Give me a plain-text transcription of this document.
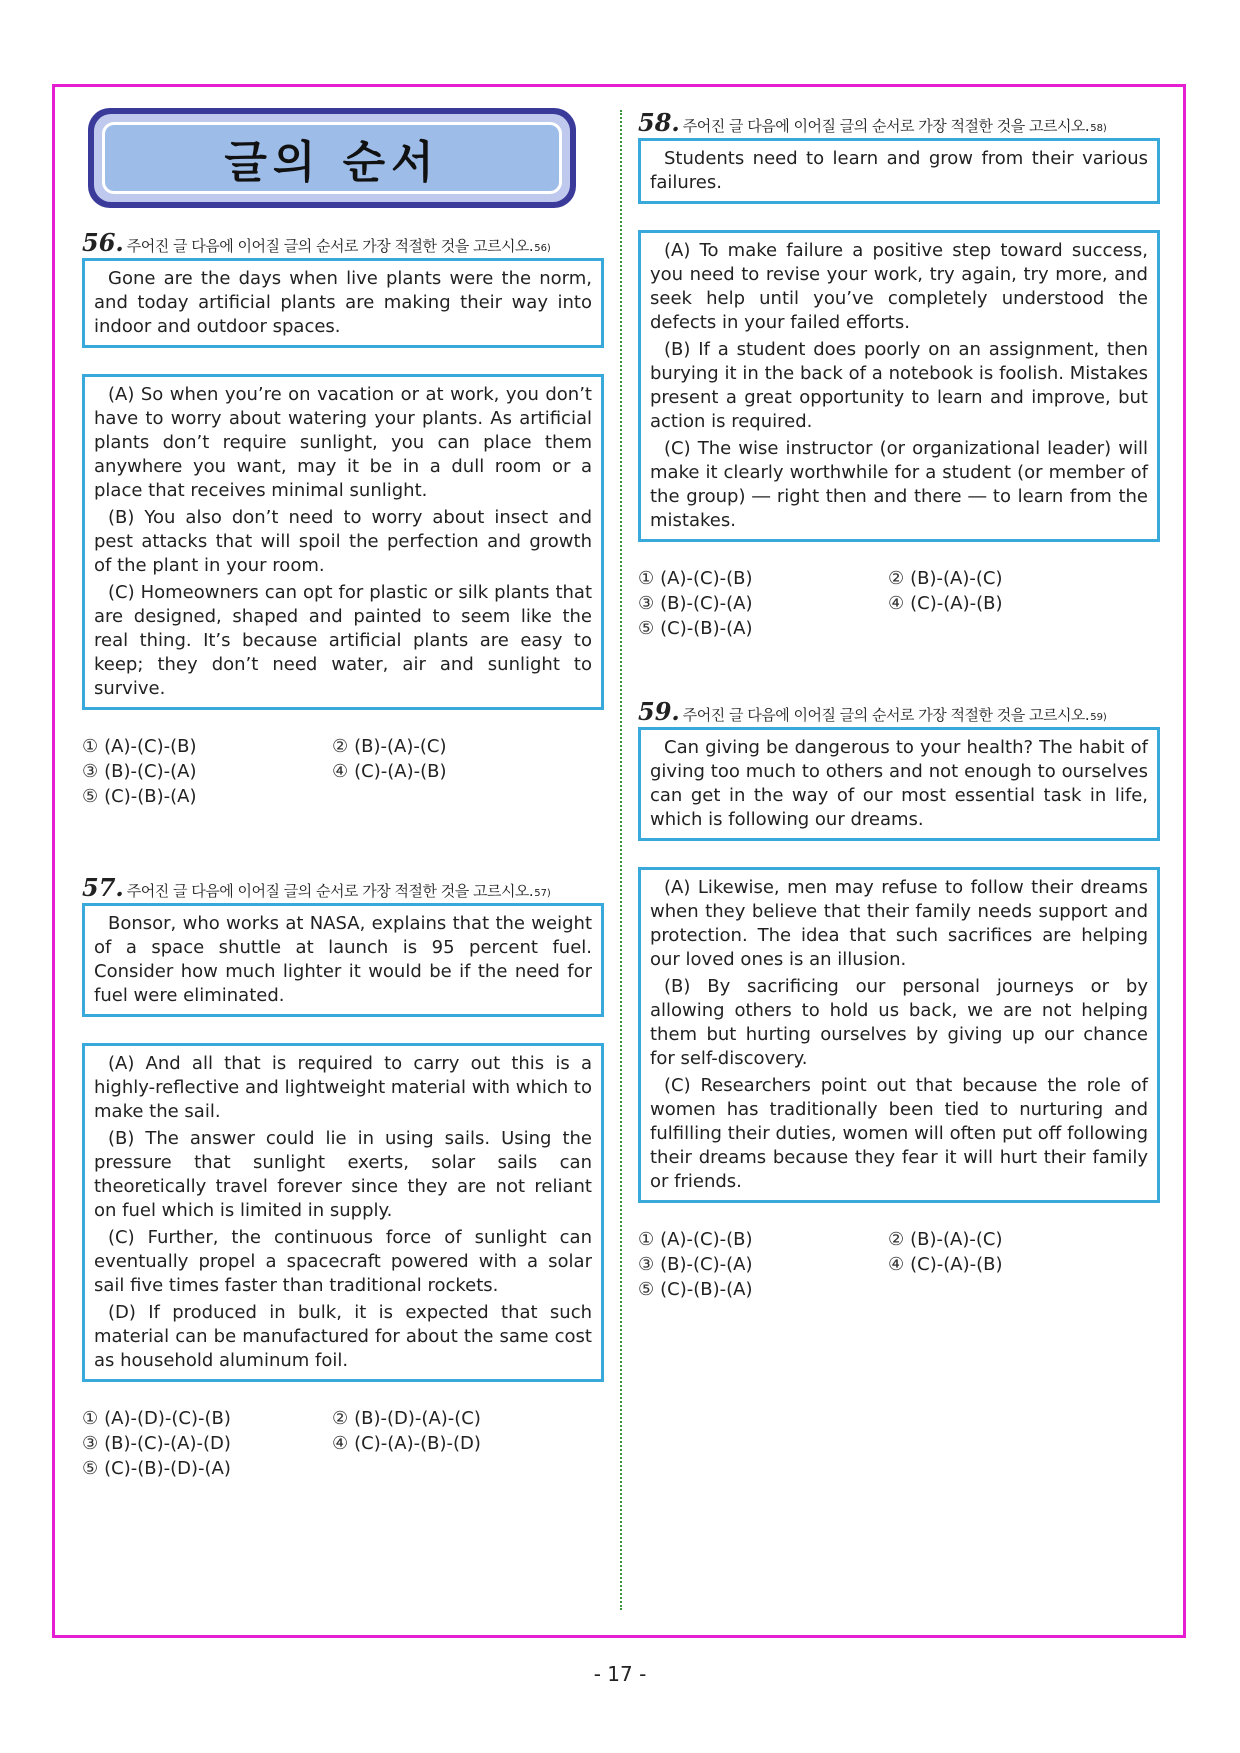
글의 순서
56. 주어진 글 다음에 이어질 글의 순서로 가장 적절한 것을 고르시오. 56)

Gone are the days when live plants were the norm, and today artificial plants are making their way into indoor and outdoor spaces.

(A) So when you’re on vacation or at work, you don’t have to worry about watering your plants. As artificial plants don’t require sunlight, you can place them anywhere you want, may it be in a dull room or a place that receives minimal sunlight.

(B) You also don’t need to worry about insect and pest attacks that will spoil the perfection and growth of the plant in your room.

(C) Homeowners can opt for plastic or silk plants that are designed, shaped and painted to seem like the real thing. It’s because artificial plants are easy to keep; they don’t need water, air and sunlight to survive.

① (A)-(C)-(B)	② (B)-(A)-(C)
③ (B)-(C)-(A)	④ (C)-(A)-(B)
⑤ (C)-(B)-(A)
57. 주어진 글 다음에 이어질 글의 순서로 가장 적절한 것을 고르시오. 57)

Bonsor, who works at NASA, explains that the weight of a space shuttle at launch is 95 percent fuel. Consider how much lighter it would be if the need for fuel were eliminated.

(A) And all that is required to carry out this is a highly-reflective and lightweight material with which to make the sail.

(B) The answer could lie in using sails. Using the pressure that sunlight exerts, solar sails can theoretically travel forever since they are not reliant on fuel which is limited in supply.

(C) Further, the continuous force of sunlight can eventually propel a spacecraft powered with a solar sail five times faster than traditional rockets.

(D) If produced in bulk, it is expected that such material can be manufactured for about the same cost as household aluminum foil.

① (A)-(D)-(C)-(B)	② (B)-(D)-(A)-(C)
③ (B)-(C)-(A)-(D)	④ (C)-(A)-(B)-(D)
⑤ (C)-(B)-(D)-(A)
58. 주어진 글 다음에 이어질 글의 순서로 가장 적절한 것을 고르시오. 58)

Students need to learn and grow from their various failures.

(A) To make failure a positive step toward success, you need to revise your work, try again, try more, and seek help until you’ve completely understood the defects in your failed efforts.

(B) If a student does poorly on an assignment, then burying it in the back of a notebook is foolish. Mistakes present a great opportunity to learn and improve, but action is required.

(C) The wise instructor (or organizational leader) will make it clearly worthwhile for a student (or member of the group) ― right then and there ― to learn from the mistakes.

① (A)-(C)-(B)	② (B)-(A)-(C)
③ (B)-(C)-(A)	④ (C)-(A)-(B)
⑤ (C)-(B)-(A)
59. 주어진 글 다음에 이어질 글의 순서로 가장 적절한 것을 고르시오. 59)

Can giving be dangerous to your health? The habit of giving too much to others and not enough to ourselves can get in the way of our most essential task in life, which is following our dreams.

(A) Likewise, men may refuse to follow their dreams when they believe that their family needs support and protection. The idea that such sacrifices are helping our loved ones is an illusion.

(B) By sacrificing our personal journeys or by allowing others to hold us back, we are not helping them but hurting ourselves by giving up our chance for self-discovery.

(C) Researchers point out that because the role of women has traditionally been tied to nurturing and fulfilling their duties, women will often put off following their dreams because they fear it will hurt their family or friends.

① (A)-(C)-(B)	② (B)-(A)-(C)
③ (B)-(C)-(A)	④ (C)-(A)-(B)
⑤ (C)-(B)-(A)
- 17 -
